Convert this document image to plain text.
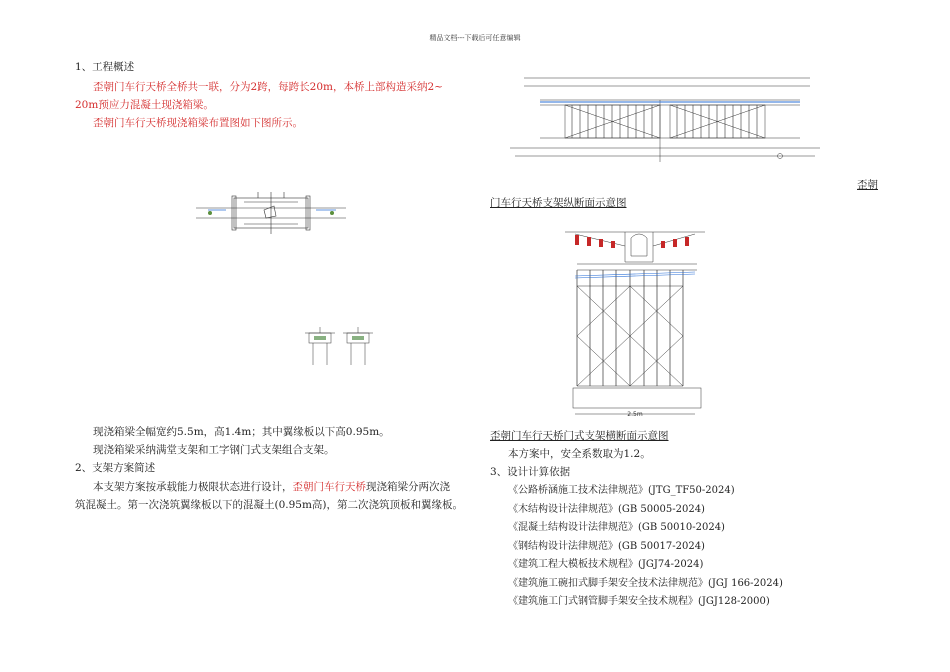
精品文档---下载后可任意编辑
1、工程概述
歪朝门车行天桥全桥共一联，分为2跨，每跨长20m，本桥上部构造采纳2~
20m预应力混凝土现浇箱梁。
歪朝门车行天桥现浇箱梁布置图如下图所示。
现浇箱梁全幅宽约5.5m，高1.4m；其中翼缘板以下高0.95m。
现浇箱梁采纳满堂支架和工字钢门式支架组合支架。
2、支架方案简述
本支架方案按承载能力极限状态进行设计，歪朝门车行天桥现浇箱梁分两次浇
筑混凝土。第一次浇筑翼缘板以下的混凝土(0.95m高)，第二次浇筑顶板和翼缘板。
歪朝
门车行天桥支架纵断面示意图
2.5m
歪朝门车行天桥门式支架横断面示意图
本方案中，安全系数取为1.2。
3、设计计算依据
《公路桥涵施工技术法律规范》(JTG_TF50-2024)
《木结构设计法律规范》(GB 50005-2024)
《混凝土结构设计法律规范》(GB 50010-2024)
《钢结构设计法律规范》(GB 50017-2024)
《建筑工程大模板技术规程》(JGJ74-2024)
《建筑施工碗扣式脚手架安全技术法律规范》(JGJ 166-2024)
《建筑施工门式钢管脚手架安全技术规程》(JGJ128-2000)
